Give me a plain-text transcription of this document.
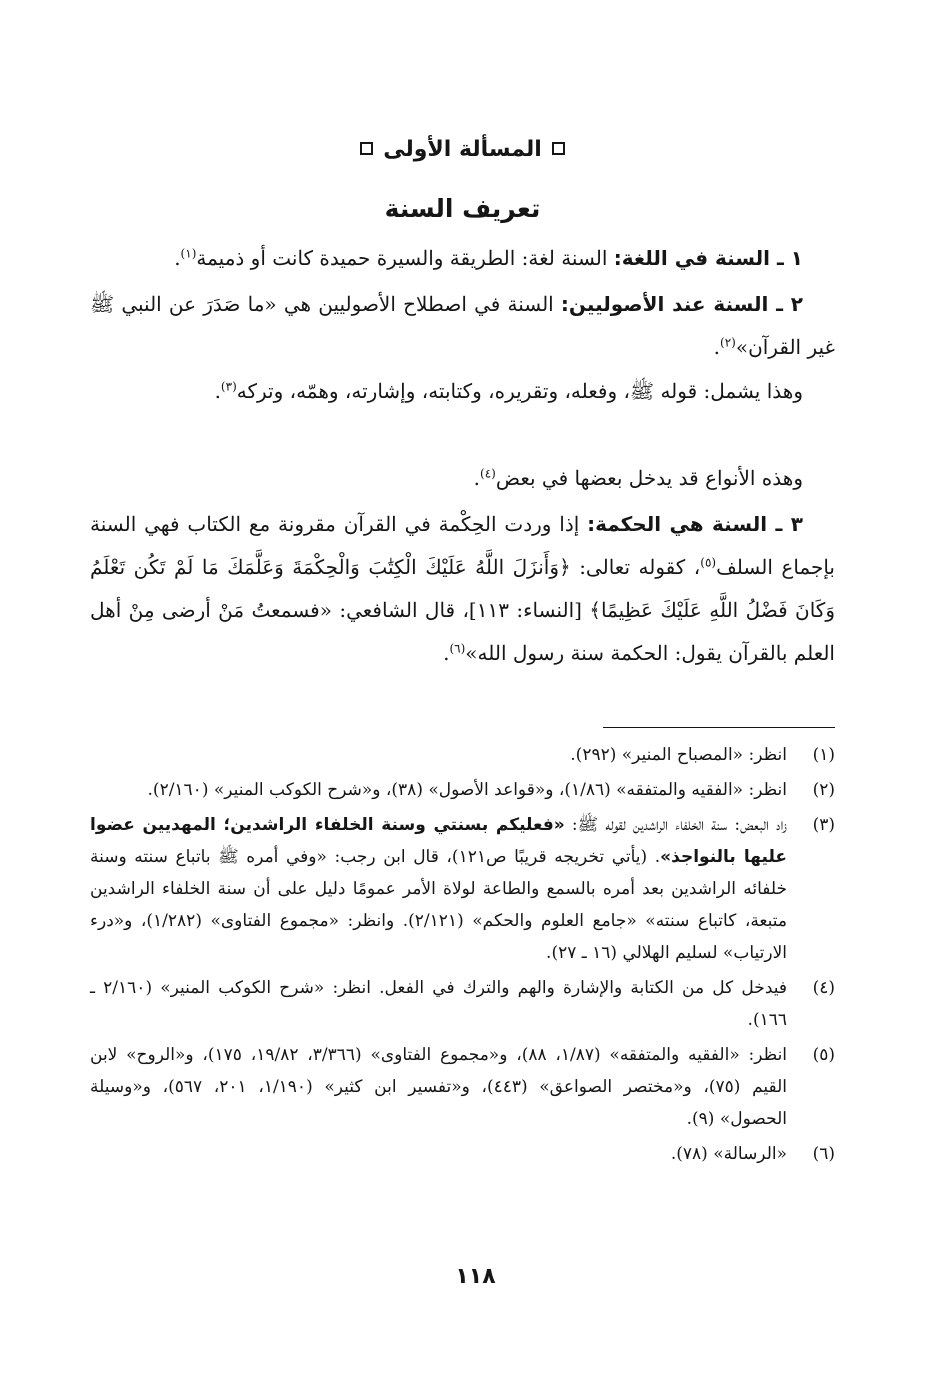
المسألة الأولى
تعريف السنة
١ ـ السنة في اللغة: السنة لغة: الطريقة والسيرة حميدة كانت أو ذميمة$^{(١)}$.
٢ ـ السنة عند الأصوليين: السنة في اصطلاح الأصوليين هي «ما صَدَرَ عن النبي ﷺ غير القرآن»$^{(٢)}$.
وهذا يشمل: قوله ﷺ، وفعله، وتقريره، وكتابته، وإشارته، وهمّه، وتركه$^{(٣)}$.
وهذه الأنواع قد يدخل بعضها في بعض$^{(٤)}$.
٣ ـ السنة هي الحكمة: إذا وردت الحِكْمة في القرآن مقرونة مع الكتاب فهي السنة بإجماع السلف$^{(٥)}$، كقوله تعالى: ﴿وَأَنزَلَ اللَّهُ عَلَيْكَ الْكِتَٰبَ وَالْحِكْمَةَ وَعَلَّمَكَ مَا لَمْ تَكُن تَعْلَمُ وَكَانَ فَضْلُ اللَّهِ عَلَيْكَ عَظِيمًا﴾ [النساء: ١١٣]، قال الشافعي: «فسمعتُ مَنْ أرضى مِنْ أهل العلم بالقرآن يقول: الحكمة سنة رسول الله»$^{(٦)}$.
(١)
انظر: «المصباح المنير» (٢٩٢).
(٢)
انظر: «الفقيه والمتفقه» (١/٨٦)، و«قواعد الأصول» (٣٨)، و«شرح الكوكب المنير» (٢/١٦٠).
(٣)
زاد البعض: سنة الخلفاء الراشدين لقوله ﷺ: «فعليكم بسنتي وسنة الخلفاء الراشدين؛ المهديين عضوا عليها بالنواجذ». (يأتي تخريجه قريبًا ص١٢١)، قال ابن رجب: «وفي أمره ﷺ باتباع سنته وسنة خلفائه الراشدين بعد أمره بالسمع والطاعة لولاة الأمر عمومًا دليل على أن سنة الخلفاء الراشدين متبعة، كاتباع سنته» «جامع العلوم والحكم» (٢/١٢١). وانظر: «مجموع الفتاوى» (١/٢٨٢)، و«درء الارتياب» لسليم الهلالي (١٦ ـ ٢٧).
(٤)
فيدخل كل من الكتابة والإشارة والهم والترك في الفعل. انظر: «شرح الكوكب المنير» (٢/١٦٠ ـ ١٦٦).
(٥)
انظر: «الفقيه والمتفقه» (١/٨٧، ٨٨)، و«مجموع الفتاوى» (٣/٣٦٦، ١٩/٨٢، ١٧٥)، و«الروح» لابن القيم (٧٥)، و«مختصر الصواعق» (٤٤٣)، و«تفسير ابن كثير» (١/١٩٠، ٢٠١، ٥٦٧)، و«وسيلة الحصول» (٩).
(٦)
«الرسالة» (٧٨).
١١٨
